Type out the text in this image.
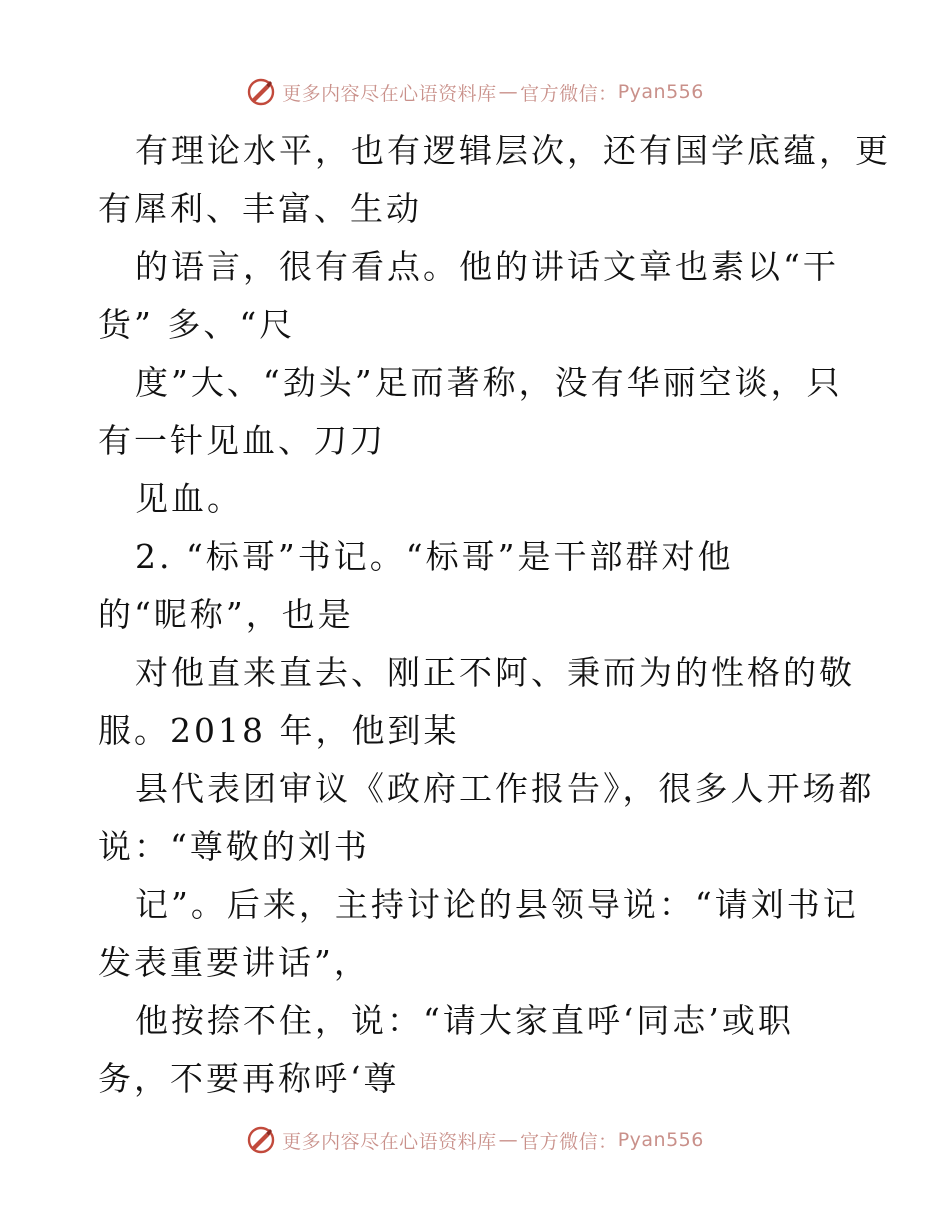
更多内容尽在心语资料库 — 官方微信： Pyan556
有理论水平，也有逻辑层次，还有国学底蕴，更
有犀利、丰富、生动
的语言，很有看点。他的讲话文章也素以“干
货” 多、“尺
度”大、“劲头”足而著称，没有华丽空谈，只
有一针见血、刀刀
见血。
2. “标哥”书记。“标哥”是干部群对他
的“昵称”，也是
对他直来直去、刚正不阿、秉而为的性格的敬
服。2018 年，他到某
县代表团审议《政府工作报告》，很多人开场都
说：“尊敬的刘书
记”。后来，主持讨论的县领导说：“请刘书记
发表重要讲话”，
他按捺不住，说：“请大家直呼‘同志’或职
务，不要再称呼‘尊
更多内容尽在心语资料库 — 官方微信： Pyan556
